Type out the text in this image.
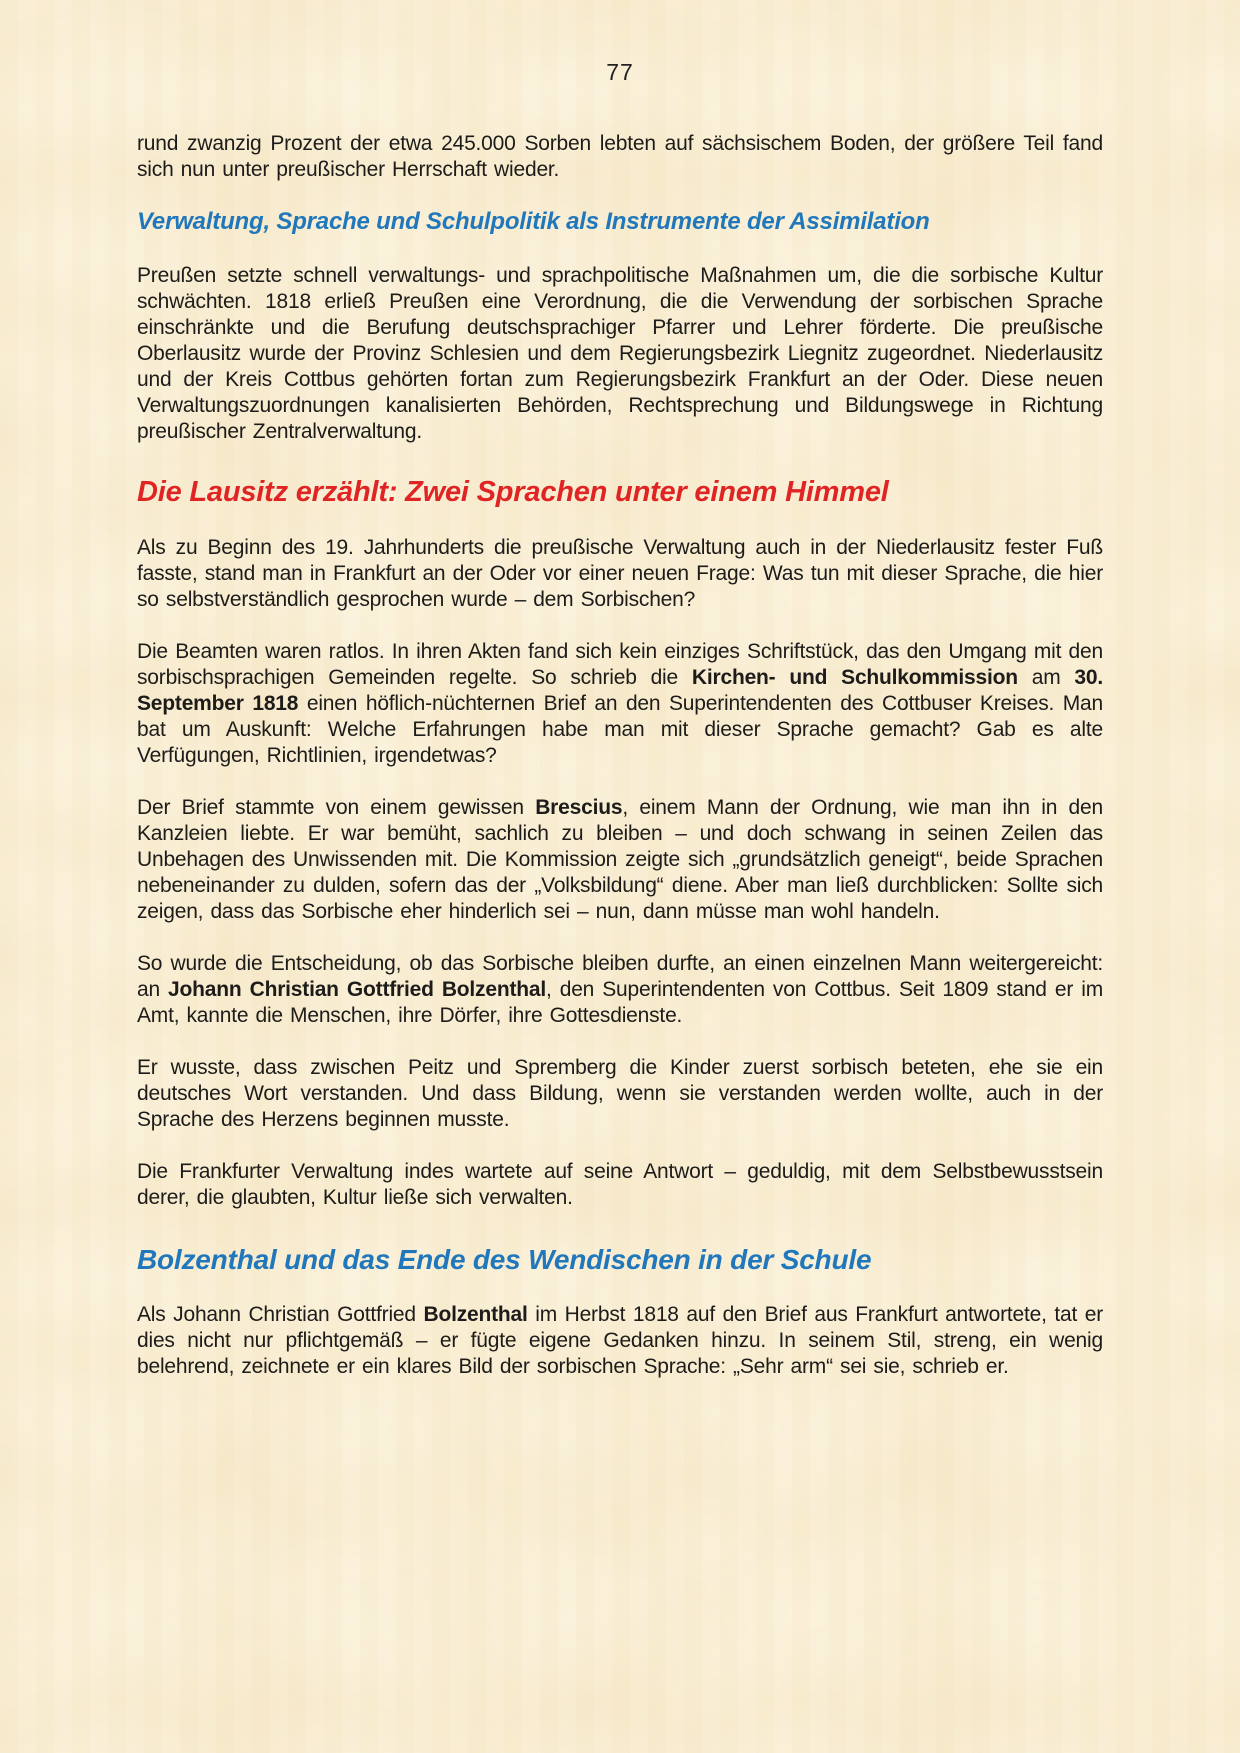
77

rund zwanzig Prozent der etwa 245.000 Sorben lebten auf sächsischem Boden, der größere Teil fand sich nun unter preußischer Herrschaft wieder.

Verwaltung, Sprache und Schulpolitik als Instrumente der Assimilation

Preußen setzte schnell verwaltungs- und sprachpolitische Maßnahmen um, die die sorbische Kultur schwächten. 1818 erließ Preußen eine Verordnung, die die Verwendung der sorbischen Sprache einschränkte und die Berufung deutschsprachiger Pfarrer und Lehrer förderte. Die preußische Oberlausitz wurde der Provinz Schlesien und dem Regierungsbezirk Liegnitz zugeordnet. Niederlausitz und der Kreis Cottbus gehörten fortan zum Regierungsbezirk Frankfurt an der Oder. Diese neuen Verwaltungszuordnungen kanalisierten Behörden, Rechtsprechung und Bildungswege in Richtung preußischer Zentralverwaltung.

Die Lausitz erzählt: Zwei Sprachen unter einem Himmel

Als zu Beginn des 19. Jahrhunderts die preußische Verwaltung auch in der Niederlausitz fester Fuß fasste, stand man in Frankfurt an der Oder vor einer neuen Frage: Was tun mit dieser Sprache, die hier so selbstverständlich gesprochen wurde – dem Sorbischen?

Die Beamten waren ratlos. In ihren Akten fand sich kein einziges Schriftstück, das den Umgang mit den sorbischsprachigen Gemeinden regelte. So schrieb die Kirchen- und Schulkommission am 30. September 1818 einen höflich-nüchternen Brief an den Superintendenten des Cottbuser Kreises. Man bat um Auskunft: Welche Erfahrungen habe man mit dieser Sprache gemacht? Gab es alte Verfügungen, Richtlinien, irgendetwas?

Der Brief stammte von einem gewissen Brescius, einem Mann der Ordnung, wie man ihn in den Kanzleien liebte. Er war bemüht, sachlich zu bleiben – und doch schwang in seinen Zeilen das Unbehagen des Unwissenden mit. Die Kommission zeigte sich „grundsätzlich geneigt“, beide Sprachen nebeneinander zu dulden, sofern das der „Volksbildung“ diene. Aber man ließ durchblicken: Sollte sich zeigen, dass das Sorbische eher hinderlich sei – nun, dann müsse man wohl handeln.

So wurde die Entscheidung, ob das Sorbische bleiben durfte, an einen einzelnen Mann weitergereicht: an Johann Christian Gottfried Bolzenthal, den Superintendenten von Cottbus. Seit 1809 stand er im Amt, kannte die Menschen, ihre Dörfer, ihre Gottesdienste.

Er wusste, dass zwischen Peitz und Spremberg die Kinder zuerst sorbisch beteten, ehe sie ein deutsches Wort verstanden. Und dass Bildung, wenn sie verstanden werden wollte, auch in der Sprache des Herzens beginnen musste.

Die Frankfurter Verwaltung indes wartete auf seine Antwort – geduldig, mit dem Selbstbewusstsein derer, die glaubten, Kultur ließe sich verwalten.

Bolzenthal und das Ende des Wendischen in der Schule

Als Johann Christian Gottfried Bolzenthal im Herbst 1818 auf den Brief aus Frankfurt antwortete, tat er dies nicht nur pflichtgemäß – er fügte eigene Gedanken hinzu. In seinem Stil, streng, ein wenig belehrend, zeichnete er ein klares Bild der sorbischen Sprache: „Sehr arm“ sei sie, schrieb er.
